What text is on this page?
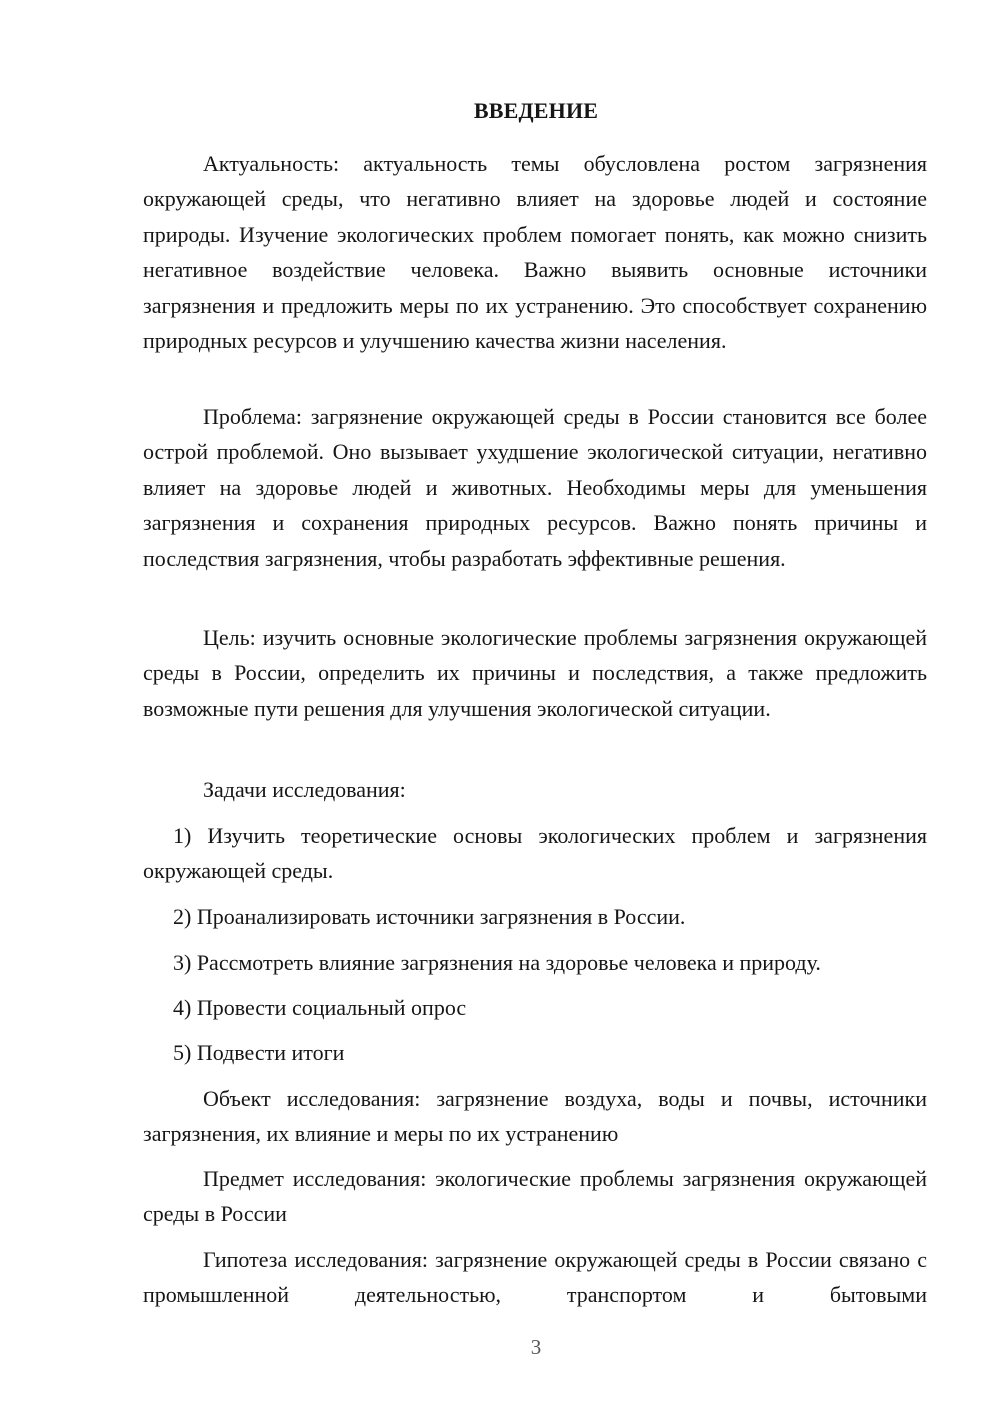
ВВЕДЕНИЕ

Актуальность: актуальность темы обусловлена ростом загрязнения окружающей среды, что негативно влияет на здоровье людей и состояние природы. Изучение экологических проблем помогает понять, как можно снизить негативное воздействие человека. Важно выявить основные источники загрязнения и предложить меры по их устранению. Это способствует сохранению природных ресурсов и улучшению качества жизни населения.

Проблема: загрязнение окружающей среды в России становится все более острой проблемой. Оно вызывает ухудшение экологической ситуации, негативно влияет на здоровье людей и животных. Необходимы меры для уменьшения загрязнения и сохранения природных ресурсов. Важно понять причины и последствия загрязнения, чтобы разработать эффективные решения.

Цель: изучить основные экологические проблемы загрязнения окружающей среды в России, определить их причины и последствия, а также предложить возможные пути решения для улучшения экологической ситуации.

Задачи исследования:

1) Изучить теоретические основы экологических проблем и загрязнения окружающей среды.

2) Проанализировать источники загрязнения в России.

3) Рассмотреть влияние загрязнения на здоровье человека и природу.

4) Провести социальный опрос

5) Подвести итоги

Объект исследования: загрязнение воздуха, воды и почвы, источники загрязнения, их влияние и меры по их устранению

Предмет исследования: экологические проблемы загрязнения окружающей среды в России

Гипотеза исследования: загрязнение окружающей среды в России связано с промышленной деятельностью, транспортом и бытовыми

3
